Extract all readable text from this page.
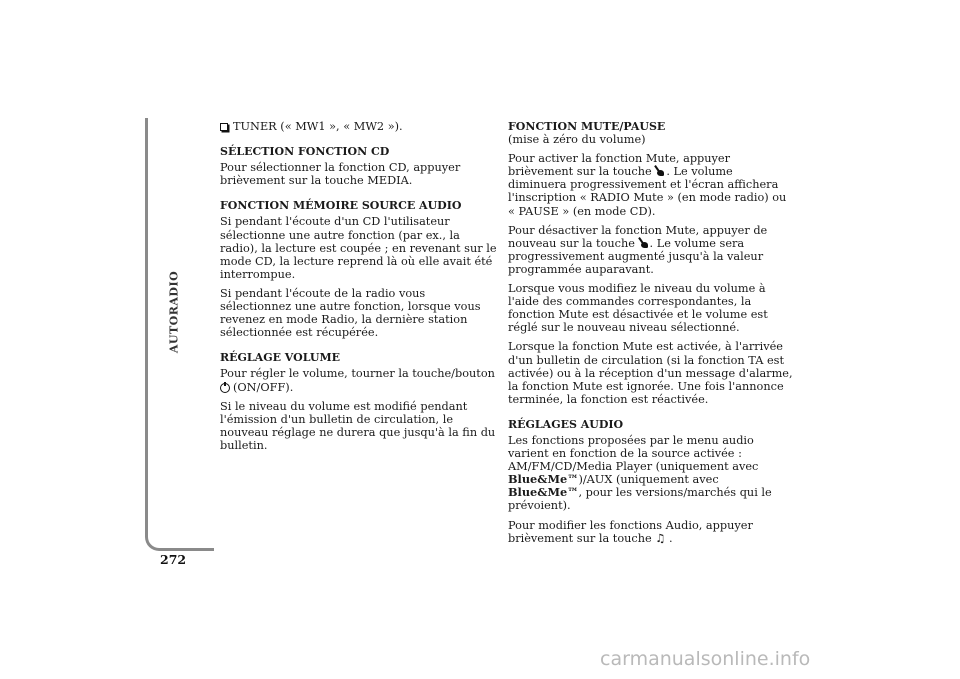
AUTORADIO
272

TUNER (« MW1 », « MW2 »).

SÉLECTION FONCTION CD

Pour sélectionner la fonction CD, appuyer brièvement sur la touche MEDIA.

FONCTION MÉMOIRE SOURCE AUDIO

Si pendant l'écoute d'un CD l'utilisateur sélectionne une autre fonction (par ex., la radio), la lecture est coupée ; en revenant sur le mode CD, la lecture reprend là où elle avait été interrompue.

Si pendant l'écoute de la radio vous sélectionnez une autre fonction, lorsque vous revenez en mode Radio, la dernière station sélectionnée est récupérée.

RÉGLAGE VOLUME

Pour régler le volume, tourner la touche/bouton
(ON/OFF).

Si le niveau du volume est modifié pendant l'émission d'un bulletin de circulation, le nouveau réglage ne durera que jusqu'à la fin du bulletin.

FONCTION MUTE/PAUSE

(mise à zéro du volume)

Pour activer la fonction Mute, appuyer brièvement sur la touche . Le volume diminuera progressivement et l'écran affichera l'inscription « RADIO Mute » (en mode radio) ou « PAUSE » (en mode CD).

Pour désactiver la fonction Mute, appuyer de nouveau sur la touche . Le volume sera progressivement augmenté jusqu'à la valeur programmée auparavant.

Lorsque vous modifiez le niveau du volume à l'aide des commandes correspondantes, la fonction Mute est désactivée et le volume est réglé sur le nouveau niveau sélectionné.

Lorsque la fonction Mute est activée, à l'arrivée d'un bulletin de circulation (si la fonction TA est activée) ou à la réception d'un message d'alarme, la fonction Mute est ignorée. Une fois l'annonce terminée, la fonction est réactivée.

RÉGLAGES AUDIO

Les fonctions proposées par le menu audio varient en fonction de la source activée : AM/FM/CD/Media Player (uniquement avec
Blue&Me™)/AUX (uniquement avec
Blue&Me™, pour les versions/marchés qui le prévoient).

Pour modifier les fonctions Audio, appuyer brièvement sur la touche ♫ .

carmanualsonline.info
